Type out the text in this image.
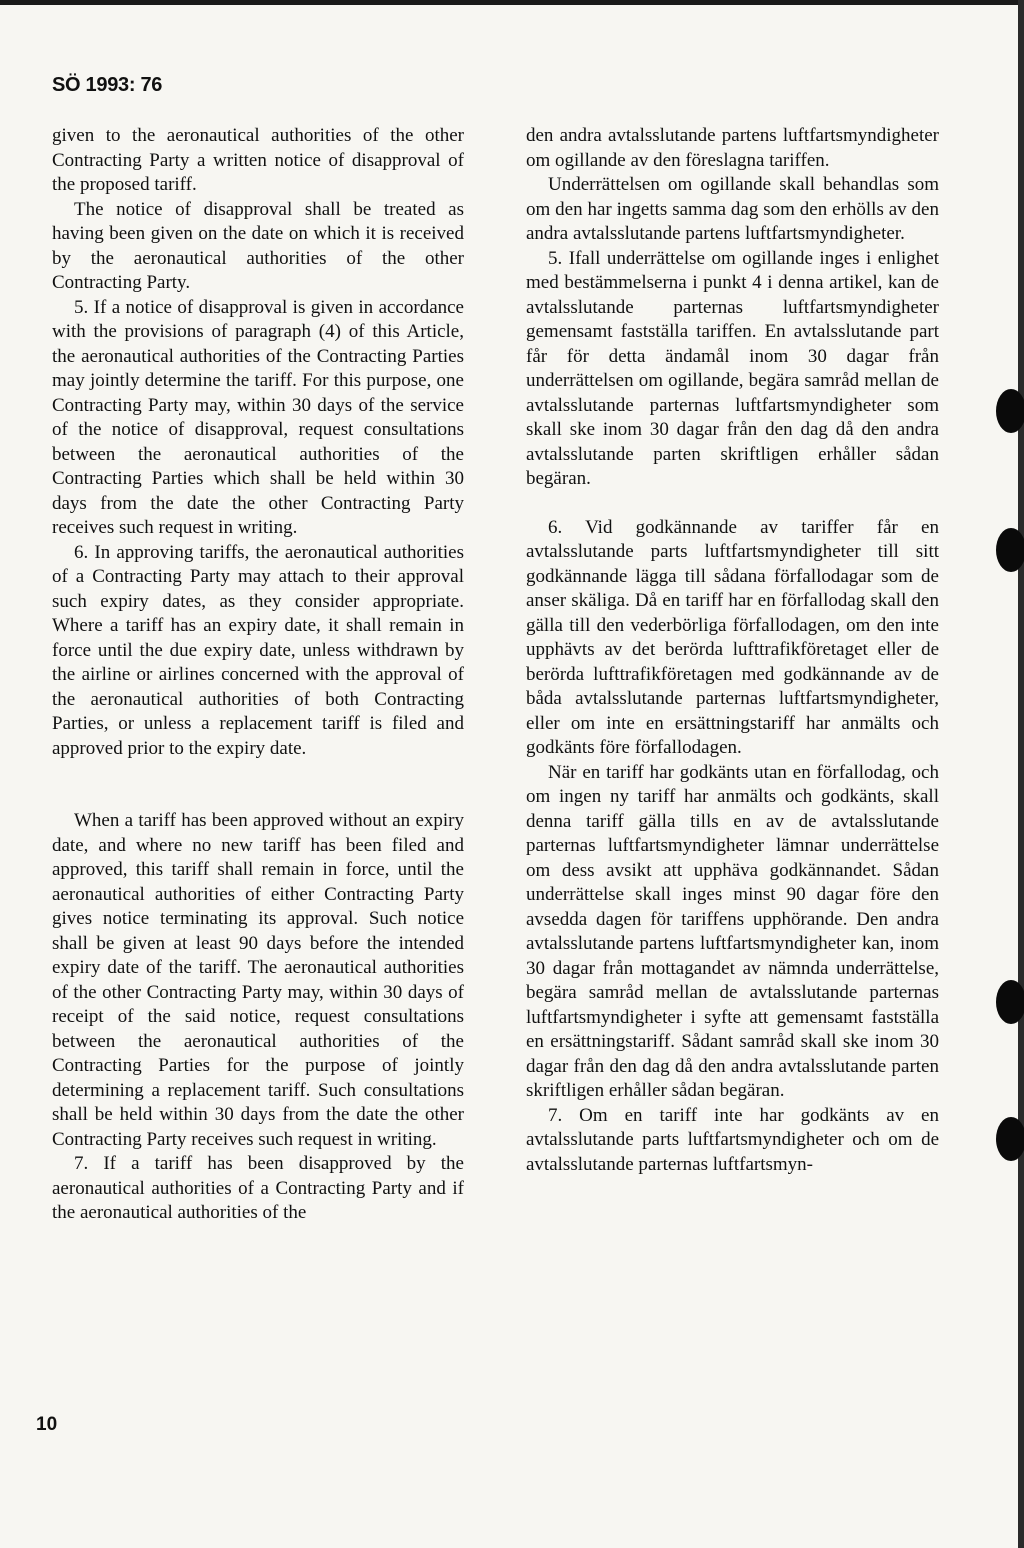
SÖ 1993: 76

given to the aeronautical authorities of the other Contracting Party a written notice of disapproval of the proposed tariff.

The notice of disapproval shall be treated as having been given on the date on which it is received by the aeronautical authorities of the other Contracting Party.

5. If a notice of disapproval is given in accordance with the provisions of paragraph (4) of this Article, the aeronautical authorities of the Contracting Parties may jointly determine the tariff. For this purpose, one Contracting Party may, within 30 days of the service of the notice of disapproval, request consultations between the aeronautical authorities of the Contracting Parties which shall be held within 30 days from the date the other Contracting Party receives such request in writing.

6. In approving tariffs, the aeronautical authorities of a Contracting Party may attach to their approval such expiry dates, as they consider appropriate. Where a tariff has an expiry date, it shall remain in force until the due expiry date, unless withdrawn by the airline or airlines concerned with the approval of the aeronautical authorities of both Contracting Parties, or unless a replacement tariff is filed and approved prior to the expiry date.

When a tariff has been approved without an expiry date, and where no new tariff has been filed and approved, this tariff shall remain in force, until the aeronautical authorities of either Contracting Party gives notice terminating its approval. Such notice shall be given at least 90 days before the intended expiry date of the tariff. The aeronautical authorities of the other Contracting Party may, within 30 days of receipt of the said notice, request consultations between the aeronautical authorities of the Contracting Parties for the purpose of jointly determining a replacement tariff. Such consultations shall be held within 30 days from the date the other Contracting Party receives such request in writing.

7. If a tariff has been disapproved by the aeronautical authorities of a Contracting Party and if the aeronautical authorities of the

den andra avtalsslutande partens luftfartsmyndigheter om ogillande av den föreslagna tariffen.

Underrättelsen om ogillande skall behandlas som om den har ingetts samma dag som den erhölls av den andra avtalsslutande partens luftfartsmyndigheter.

5. Ifall underrättelse om ogillande inges i enlighet med bestämmelserna i punkt 4 i denna artikel, kan de avtalsslutande parternas luftfartsmyndigheter gemensamt fastställa tariffen. En avtalsslutande part får för detta ändamål inom 30 dagar från underrättelsen om ogillande, begära samråd mellan de avtalsslutande parternas luftfartsmyndigheter som skall ske inom 30 dagar från den dag då den andra avtalsslutande parten skriftligen erhåller sådan begäran.

6. Vid godkännande av tariffer får en avtalsslutande parts luftfartsmyndigheter till sitt godkännande lägga till sådana förfallodagar som de anser skäliga. Då en tariff har en förfallodag skall den gälla till den vederbörliga förfallodagen, om den inte upphävts av det berörda lufttrafikföretaget eller de berörda lufttrafikföretagen med godkännande av de båda avtalsslutande parternas luftfartsmyndigheter, eller om inte en ersättningstariff har anmälts och godkänts före förfallodagen.

När en tariff har godkänts utan en förfallodag, och om ingen ny tariff har anmälts och godkänts, skall denna tariff gälla tills en av de avtalsslutande parternas luftfartsmyndigheter lämnar underrättelse om dess avsikt att upphäva godkännandet. Sådan underrättelse skall inges minst 90 dagar före den avsedda dagen för tariffens upphörande. Den andra avtalsslutande partens luftfartsmyndigheter kan, inom 30 dagar från mottagandet av nämnda underrättelse, begära samråd mellan de avtalsslutande parternas luftfartsmyndigheter i syfte att gemensamt fastställa en ersättningstariff. Sådant samråd skall ske inom 30 dagar från den dag då den andra avtalsslutande parten skriftligen erhåller sådan begäran.

7. Om en tariff inte har godkänts av en avtalsslutande parts luftfartsmyndigheter och om de avtalsslutande parternas luftfartsmyn-

10
